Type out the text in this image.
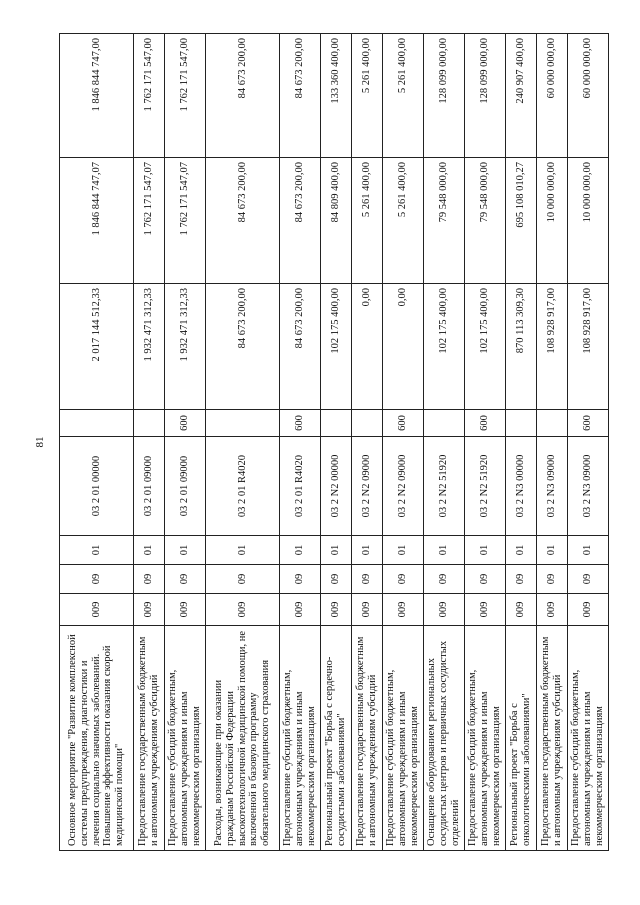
81
Основное мероприятие "Развитие комплексной системы предупреждения, диагностики и лечения социально значимых заболеваний. Повышение эффективности оказания скорой медицинской помощи"	009	09	01	03 2 01 00000		2 017 144 512,33	1 846 844 747,07	1 846 844 747,00
Предоставление государственным бюджетным и автономным учреждениям субсидий	009	09	01	03 2 01 09000		1 932 471 312,33	1 762 171 547,07	1 762 171 547,00
Предоставление субсидий бюджетным, автономным учреждениям и иным некоммерческим организациям	009	09	01	03 2 01 09000	600	1 932 471 312,33	1 762 171 547,07	1 762 171 547,00
Расходы, возникающие при оказании гражданам Российской Федерации высокотехнологичной медицинской помощи, не включенной в базовую программу обязательного медицинского страхования	009	09	01	03 2 01 R4020		84 673 200,00	84 673 200,00	84 673 200,00
Предоставление субсидий бюджетным, автономным учреждениям и иным некоммерческим организациям	009	09	01	03 2 01 R4020	600	84 673 200,00	84 673 200,00	84 673 200,00
Региональный проект "Борьба с сердечно-сосудистыми заболеваниями"	009	09	01	03 2 N2 00000		102 175 400,00	84 809 400,00	133 360 400,00
Предоставление государственным бюджетным и автономным учреждениям субсидий	009	09	01	03 2 N2 09000		0,00	5 261 400,00	5 261 400,00
Предоставление субсидий бюджетным, автономным учреждениям и иным некоммерческим организациям	009	09	01	03 2 N2 09000	600	0,00	5 261 400,00	5 261 400,00
Оснащение оборудованием региональных сосудистых центров и первичных сосудистых отделений	009	09	01	03 2 N2 51920		102 175 400,00	79 548 000,00	128 099 000,00
Предоставление субсидий бюджетным, автономным учреждениям и иным некоммерческим организациям	009	09	01	03 2 N2 51920	600	102 175 400,00	79 548 000,00	128 099 000,00
Региональный проект "Борьба с онкологическими заболеваниями"	009	09	01	03 2 N3 00000		870 113 309,30	695 108 010,27	240 907 400,00
Предоставление государственным бюджетным и автономным учреждениям субсидий	009	09	01	03 2 N3 09000		108 928 917,00	10 000 000,00	60 000 000,00
Предоставление субсидий бюджетным, автономным учреждениям и иным некоммерческим организациям	009	09	01	03 2 N3 09000	600	108 928 917,00	10 000 000,00	60 000 000,00
